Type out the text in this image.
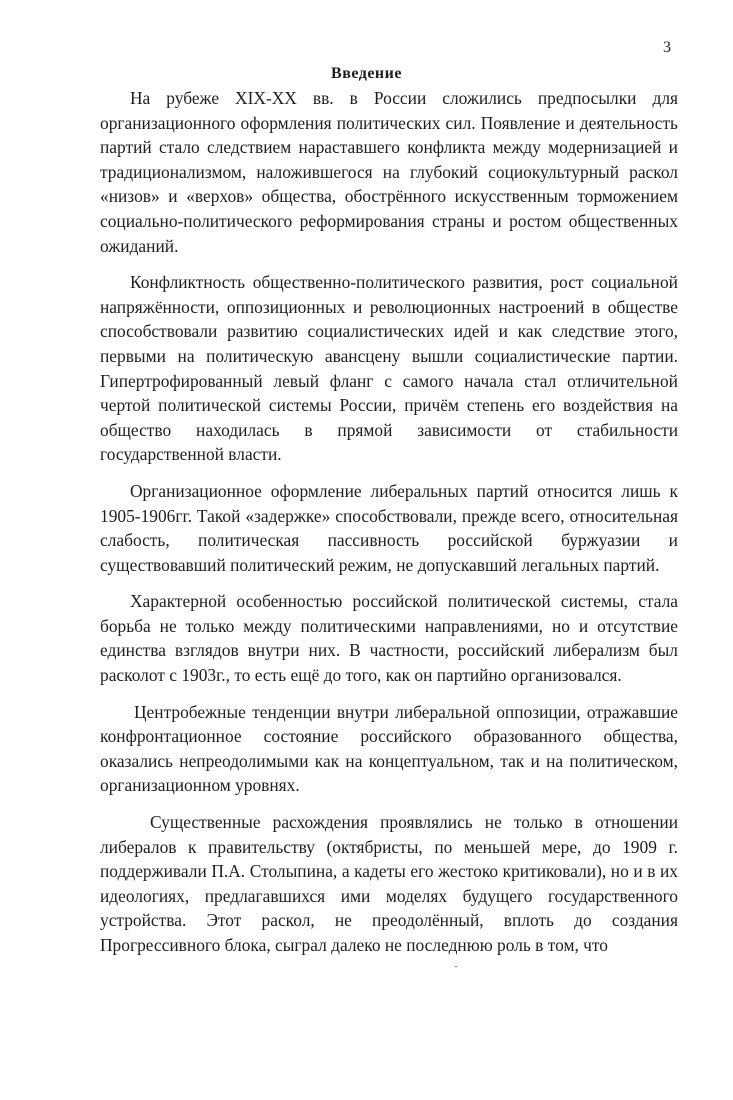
3
Введение

На рубеже XIX-XX вв. в России сложились предпосылки для организационного оформления политических сил. Появление и деятельность партий стало следствием нараставшего конфликта между модернизацией и традиционализмом, наложившегося на глубокий социокультурный раскол «низов» и «верхов» общества, обострённого искусственным торможением социально-политического реформирования страны и ростом общественных ожиданий.

Конфликтность общественно-политического развития, рост социальной напряжённости, оппозиционных и революционных настроений в обществе способствовали развитию социалистических идей и как следствие этого, первыми на политическую авансцену вышли социалистические партии. Гипертрофированный левый фланг с самого начала стал отличительной чертой политической системы России, причём степень его воздействия на общество находилась в прямой зависимости от стабильности государственной власти.

Организационное оформление либеральных партий относится лишь к 1905-1906гг. Такой «задержке» способствовали, прежде всего, относительная слабость, политическая пассивность российской буржуазии и существовавший политический режим, не допускавший легальных партий.

Характерной особенностью российской политической системы, стала борьба не только между политическими направлениями, но и отсутствие единства взглядов внутри них. В частности, российский либерализм был расколот с 1903г., то есть ещё до того, как он партийно организовался.

Центробежные тенденции внутри либеральной оппозиции, отражавшие конфронтационное состояние российского образованного общества, оказались непреодолимыми как на концептуальном, так и на политическом, организационном уровнях.

Существенные расхождения проявлялись не только в отношении либералов к правительству (октябристы, по меньшей мере, до 1909 г. поддерживали П.А. Столыпина, а кадеты его жестоко критиковали), но и в их идеологиях, предлагавшихся ими моделях будущего государственного устройства. Этот раскол, не преодолённый, вплоть до создания Прогрессивного блока, сыграл далеко не последнюю роль в том, что
